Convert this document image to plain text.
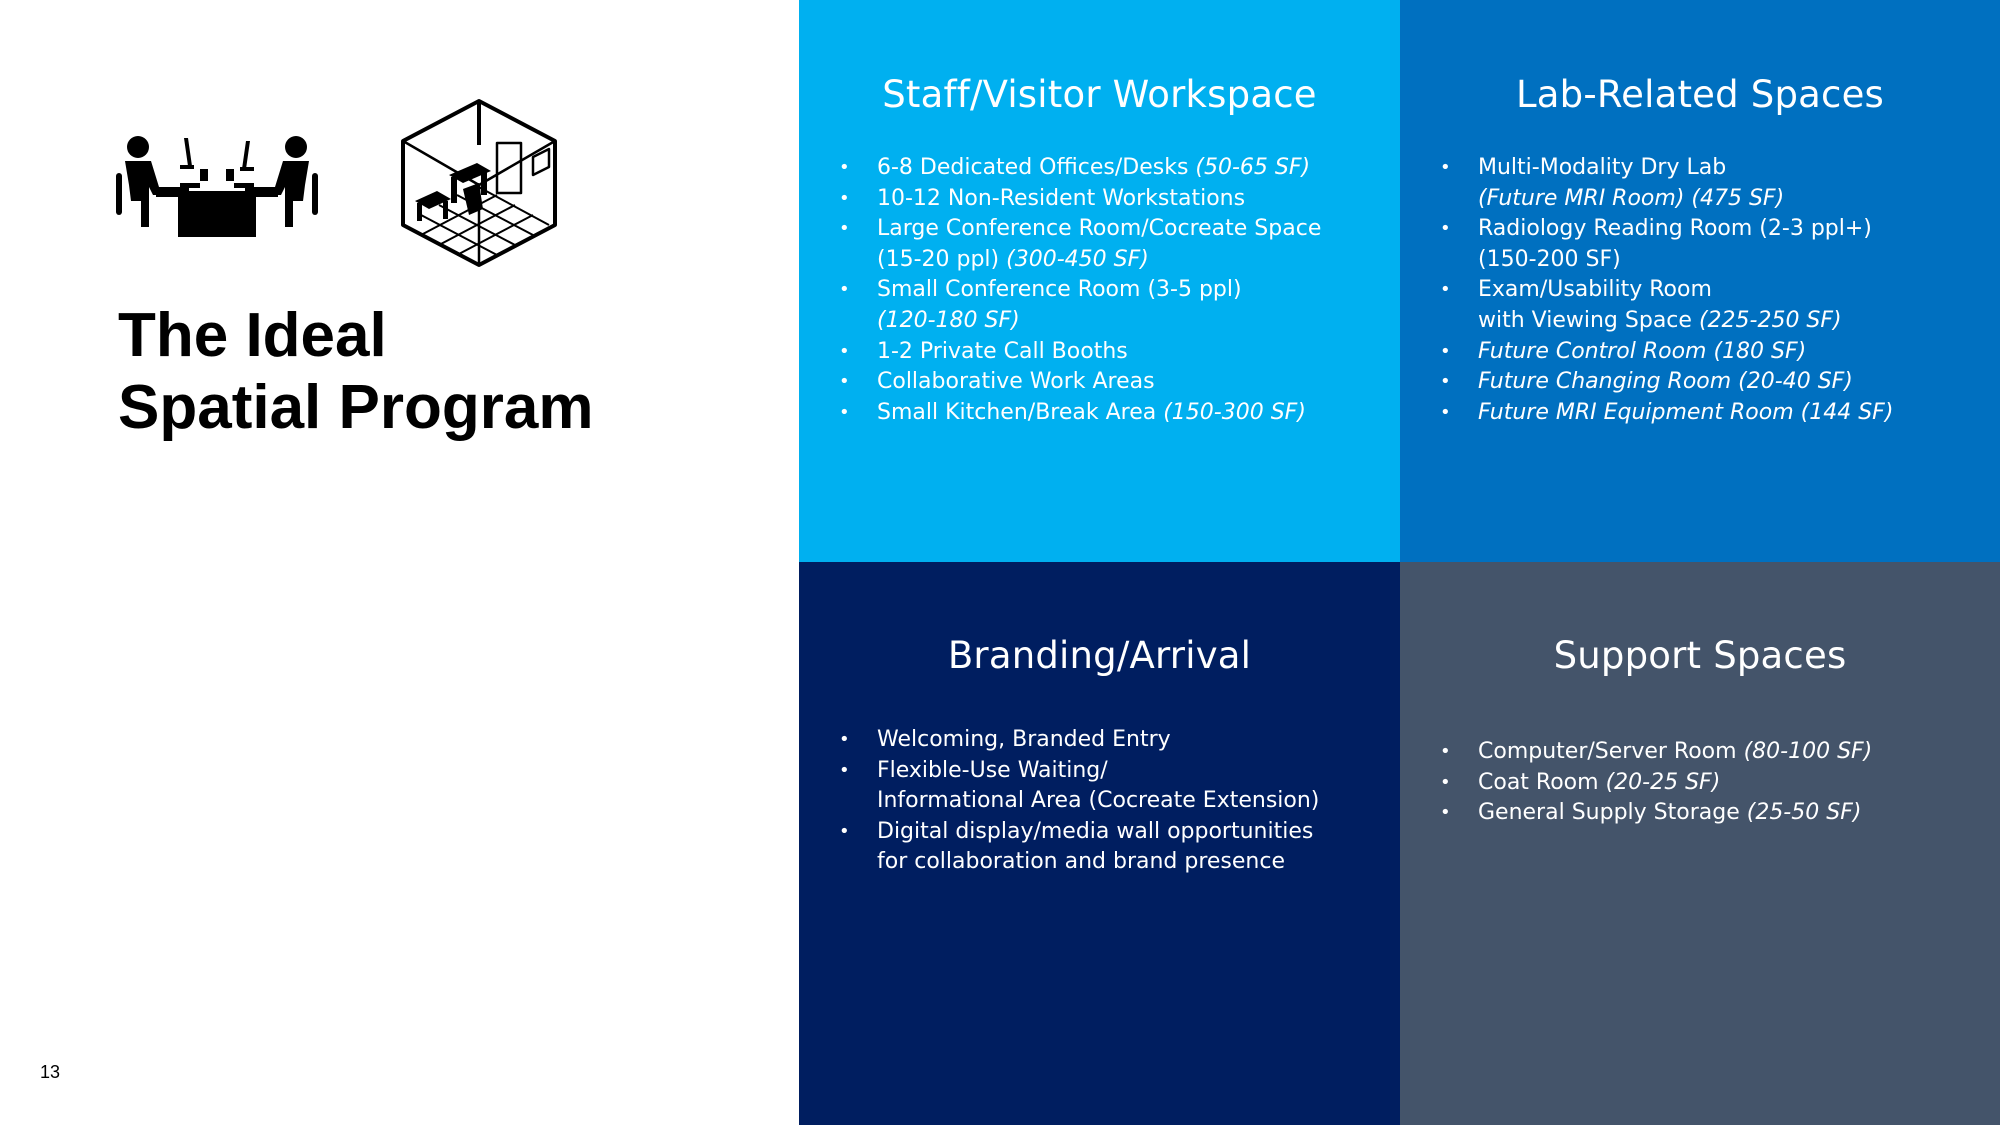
The Ideal
Spatial Program
13
Staff/Visitor Workspace
• 6-8 Dedicated Offices/Desks (50-65 SF)
• 10-12 Non-Resident Workstations
• Large Conference Room/Cocreate Space
(15-20 ppl) (300-450 SF)
• Small Conference Room (3-5 ppl)
(120-180 SF)
• 1-2 Private Call Booths
• Collaborative Work Areas
• Small Kitchen/Break Area (150-300 SF)
Lab-Related Spaces
• Multi-Modality Dry Lab
(Future MRI Room) (475 SF)
• Radiology Reading Room (2-3 ppl+)
(150-200 SF)
• Exam/Usability Room
with Viewing Space (225-250 SF)
• Future Control Room (180 SF)
• Future Changing Room (20-40 SF)
• Future MRI Equipment Room (144 SF)
Branding/Arrival
• Welcoming, Branded Entry
• Flexible-Use Waiting/
Informational Area (Cocreate Extension)
• Digital display/media wall opportunities
for collaboration and brand presence
Support Spaces
• Computer/Server Room (80-100 SF)
• Coat Room (20-25 SF)
• General Supply Storage (25-50 SF)
